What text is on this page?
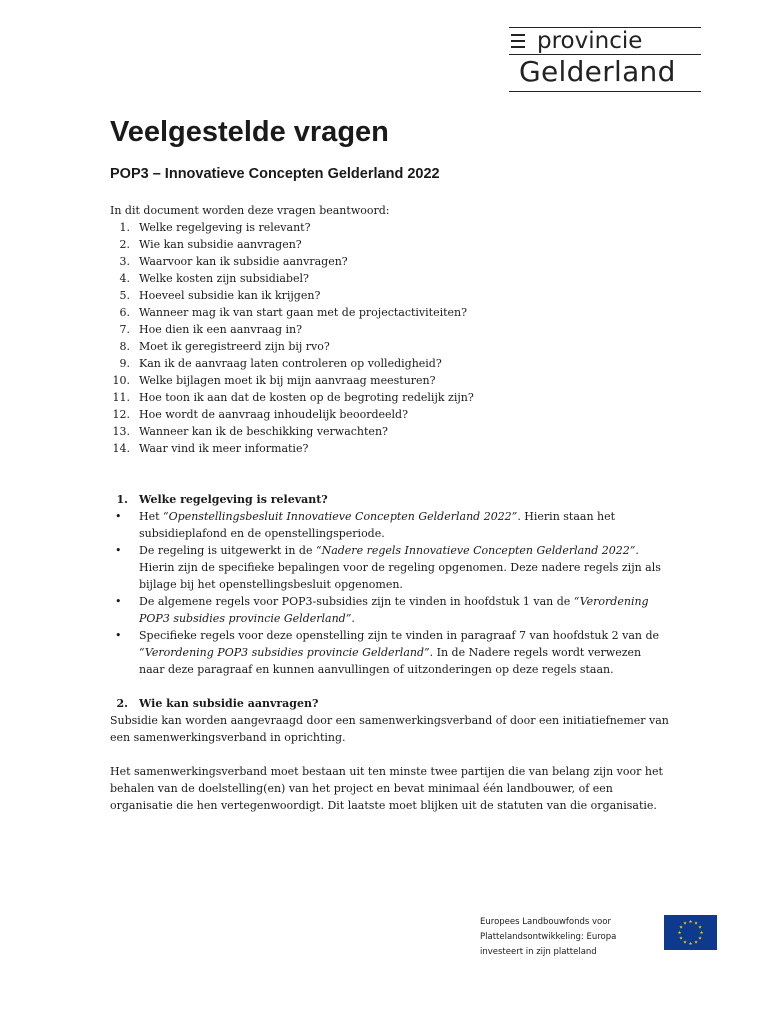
provincie
Gelderland
Veelgestelde vragen
POP3 – Innovatieve Concepten Gelderland 2022
In dit document worden deze vragen beantwoord:
1. Welke regelgeving is relevant?
2. Wie kan subsidie aanvragen?
3. Waarvoor kan ik subsidie aanvragen?
4. Welke kosten zijn subsidiabel?
5. Hoeveel subsidie kan ik krijgen?
6. Wanneer mag ik van start gaan met de projectactiviteiten?
7. Hoe dien ik een aanvraag in?
8. Moet ik geregistreerd zijn bij rvo?
9. Kan ik de aanvraag laten controleren op volledigheid?
10. Welke bijlagen moet ik bij mijn aanvraag meesturen?
11. Hoe toon ik aan dat de kosten op de begroting redelijk zijn?
12. Hoe wordt de aanvraag inhoudelijk beoordeeld?
13. Wanneer kan ik de beschikking verwachten?
14. Waar vind ik meer informatie?
1. Welke regelgeving is relevant?
• Het “Openstellingsbesluit Innovatieve Concepten Gelderland 2022”. Hierin staan het subsidieplafond en de openstellingsperiode.
• De regeling is uitgewerkt in de “Nadere regels Innovatieve Concepten Gelderland 2022”. Hierin zijn de specifieke bepalingen voor de regeling opgenomen. Deze nadere regels zijn als bijlage bij het openstellingsbesluit opgenomen.
• De algemene regels voor POP3-subsidies zijn te vinden in hoofdstuk 1 van de “Verordening POP3 subsidies provincie Gelderland”.
• Specifieke regels voor deze openstelling zijn te vinden in paragraaf 7 van hoofdstuk 2 van de “Verordening POP3 subsidies provincie Gelderland”. In de Nadere regels wordt verwezen naar deze paragraaf en kunnen aanvullingen of uitzonderingen op deze regels staan.
2. Wie kan subsidie aanvragen?

Subsidie kan worden aangevraagd door een samenwerkingsverband of door een initiatiefnemer van een samenwerkingsverband in oprichting.

Het samenwerkingsverband moet bestaan uit ten minste twee partijen die van belang zijn voor het behalen van de doelstelling(en) van het project en bevat minimaal één landbouwer, of een organisatie die hen vertegenwoordigt. Dit laatste moet blijken uit de statuten van die organisatie.

Europees Landbouwfonds voor
Plattelandsontwikkeling: Europa
investeert in zijn platteland
★ ★
★
★
★
★
★
★
★
★
★
★
